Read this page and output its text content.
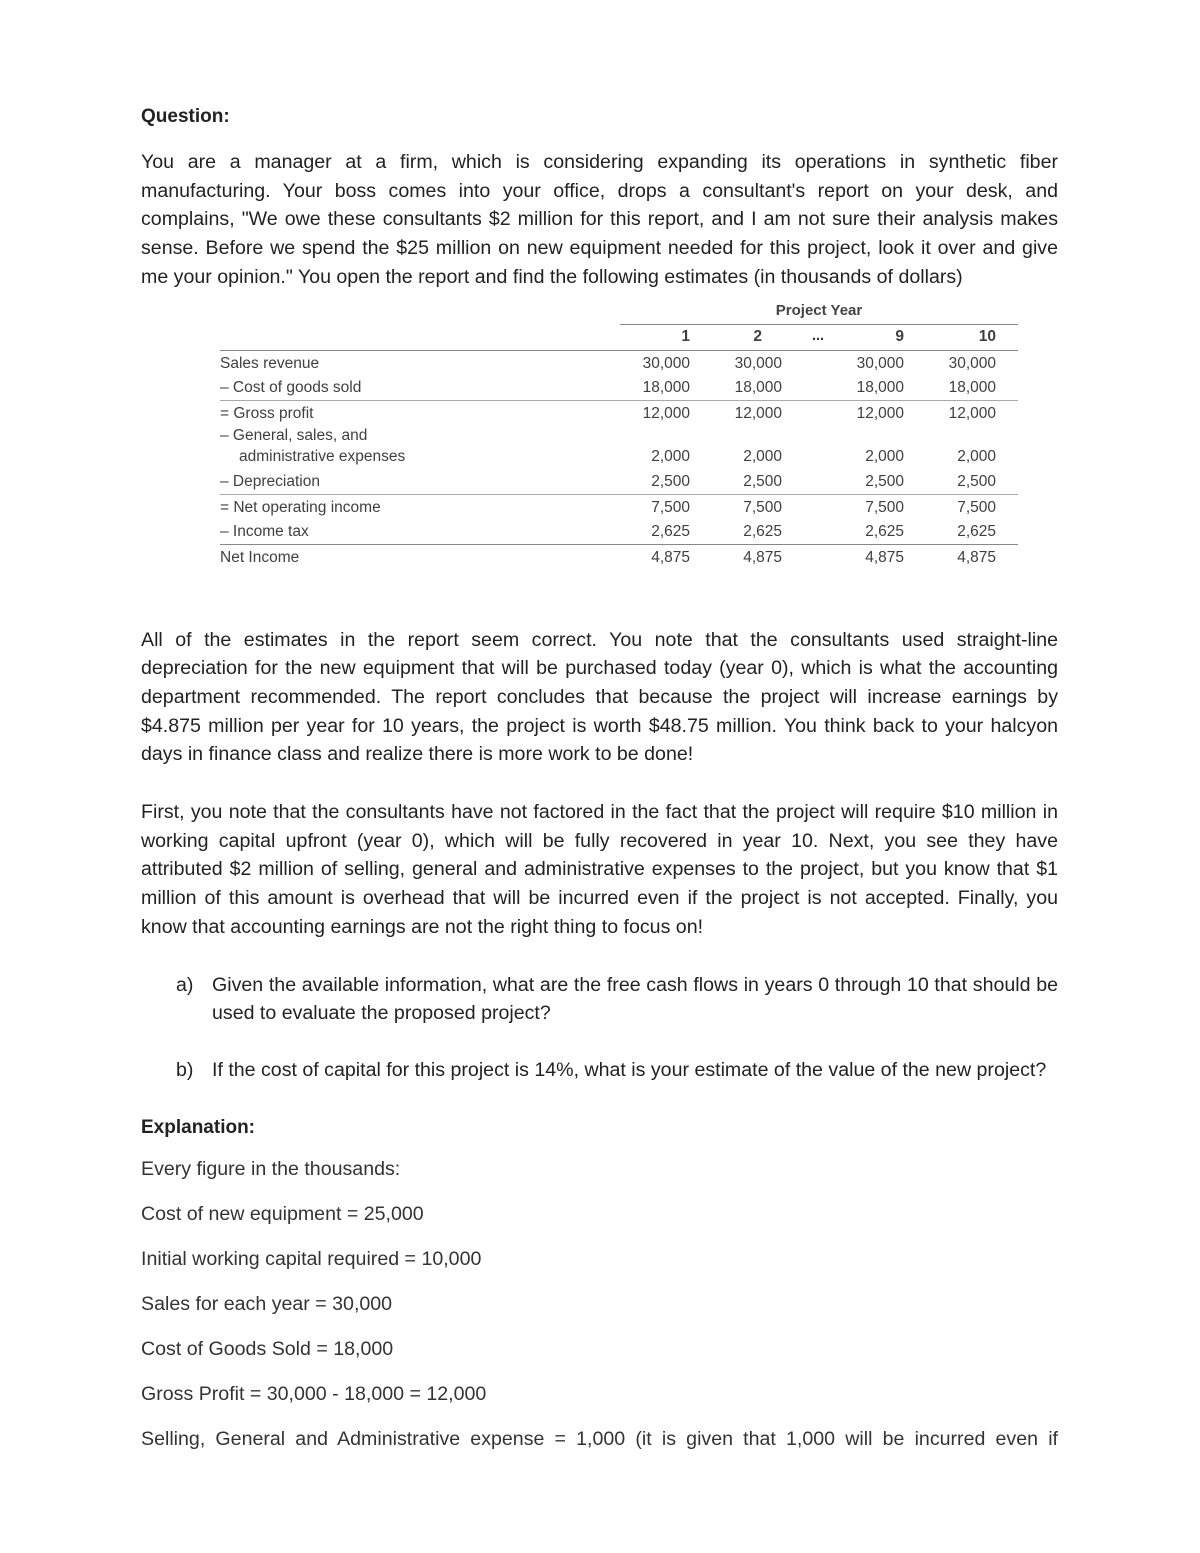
Question:

You are a manager at a firm, which is considering expanding its operations in synthetic fiber manufacturing. Your boss comes into your office, drops a consultant's report on your desk, and complains, "We owe these consultants $2 million for this report, and I am not sure their analysis makes sense. Before we spend the $25 million on new equipment needed for this project, look it over and give me your opinion." You open the report and find the following estimates (in thousands of dollars)

Project Year
1	2	...	9	10
Sales revenue	30,000	30,000	30,000	30,000
– Cost of goods sold	18,000	18,000	18,000	18,000
= Gross profit	12,000	12,000	12,000	12,000
– General, sales, and
administrative expenses	2,000	2,000	2,000	2,000
– Depreciation	2,500	2,500	2,500	2,500
= Net operating income	7,500	7,500	7,500	7,500
– Income tax	2,625	2,625	2,625	2,625
Net Income	4,875	4,875	4,875	4,875

All of the estimates in the report seem correct. You note that the consultants used straight-line depreciation for the new equipment that will be purchased today (year 0), which is what the accounting department recommended. The report concludes that because the project will increase earnings by $4.875 million per year for 10 years, the project is worth $48.75 million. You think back to your halcyon days in finance class and realize there is more work to be done!

First, you note that the consultants have not factored in the fact that the project will require $10 million in working capital upfront (year 0), which will be fully recovered in year 10. Next, you see they have attributed $2 million of selling, general and administrative expenses to the project, but you know that $1 million of this amount is overhead that will be incurred even if the project is not accepted. Finally, you know that accounting earnings are not the right thing to focus on!

a) Given the available information, what are the free cash flows in years 0 through 10 that should be used to evaluate the proposed project?
b) If the cost of capital for this project is 14%, what is your estimate of the value of the new project?
Explanation:

Every figure in the thousands:

Cost of new equipment = 25,000

Initial working capital required = 10,000

Sales for each year = 30,000

Cost of Goods Sold = 18,000

Gross Profit = 30,000 - 18,000 = 12,000

Selling, General and Administrative expense = 1,000 (it is given that 1,000 will be incurred even if
